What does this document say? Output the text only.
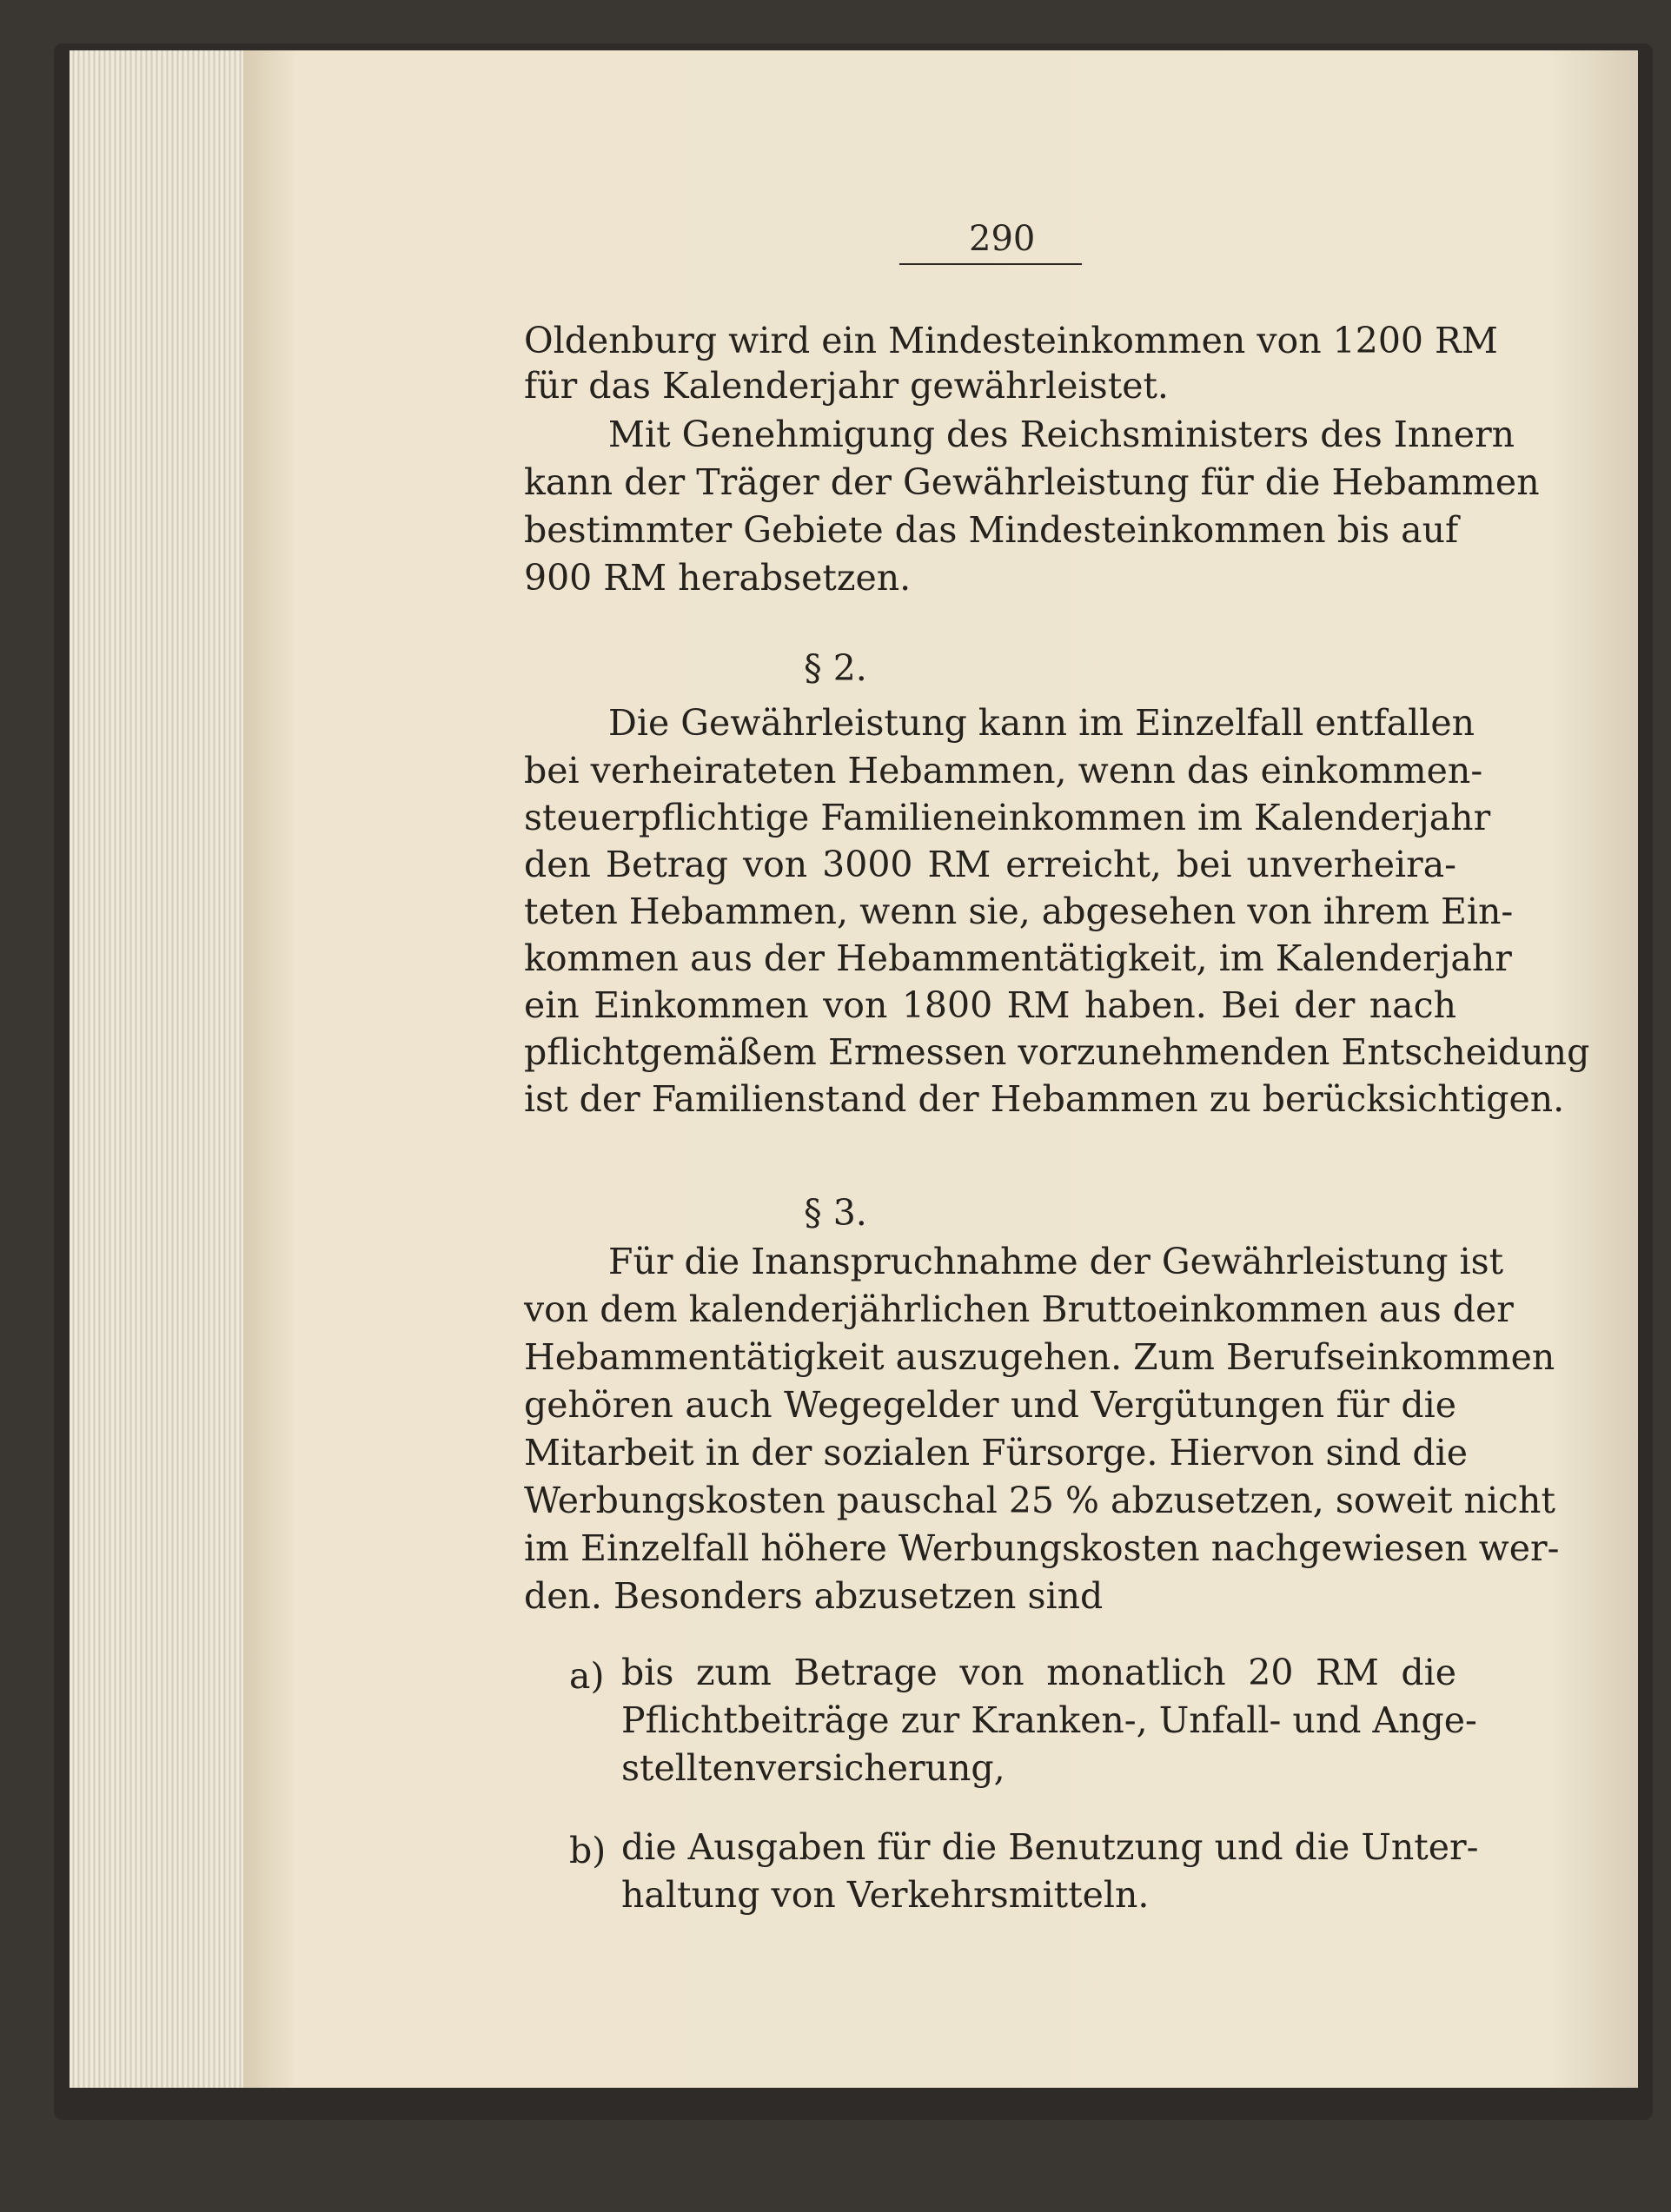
290
Oldenburg wird ein Mindesteinkommen von 1200 RM
für das Kalenderjahr gewährleistet.
Mit Genehmigung des Reichsministers des Innern
kann der Träger der Gewährleistung für die Hebammen
bestimmter Gebiete das Mindesteinkommen bis auf
900 RM herabsetzen.
§ 2.
Die Gewährleistung kann im Einzelfall entfallen
bei verheirateten Hebammen, wenn das einkommen-
steuerpflichtige Familieneinkommen im Kalenderjahr
den Betrag von 3000 RM erreicht, bei unverheira-
teten Hebammen, wenn sie, abgesehen von ihrem Ein-
kommen aus der Hebammentätigkeit, im Kalenderjahr
ein Einkommen von 1800 RM haben. Bei der nach
pflichtgemäßem Ermessen vorzunehmenden Entscheidung
ist der Familienstand der Hebammen zu berücksichtigen.
§ 3.
Für die Inanspruchnahme der Gewährleistung ist
von dem kalenderjährlichen Bruttoeinkommen aus der
Hebammentätigkeit auszugehen. Zum Berufseinkommen
gehören auch Wegegelder und Vergütungen für die
Mitarbeit in der sozialen Fürsorge. Hiervon sind die
Werbungskosten pauschal 25 % abzusetzen, soweit nicht
im Einzelfall höhere Werbungskosten nachgewiesen wer-
den. Besonders abzusetzen sind
a) bis zum Betrage von monatlich 20 RM die
Pflichtbeiträge zur Kranken-, Unfall- und Ange-
stelltenversicherung,
b) die Ausgaben für die Benutzung und die Unter-
haltung von Verkehrsmitteln.
